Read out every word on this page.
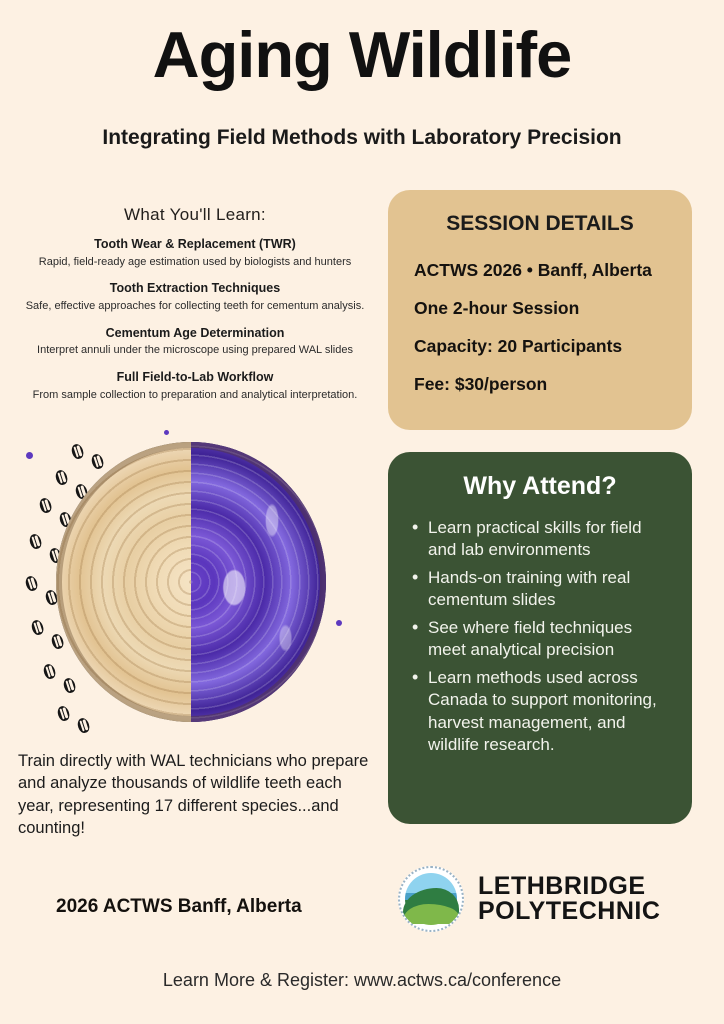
Aging Wildlife
Integrating Field Methods with Laboratory Precision
What You'll Learn:
Tooth Wear & Replacement (TWR)
Rapid, field-ready age estimation used by biologists and hunters
Tooth Extraction Techniques
Safe, effective approaches for collecting teeth for cementum analysis.
Cementum Age Determination
Interpret annuli under the microscope using prepared WAL slides
Full Field-to-Lab Workflow
From sample collection to preparation and analytical interpretation.
SESSION DETAILS
ACTWS 2026 • Banff, Alberta
One 2-hour Session
Capacity: 20 Participants
Fee: $30/person
Why Attend?
• Learn practical skills for field and lab environments
• Hands-on training with real cementum slides
• See where field techniques meet analytical precision
• Learn methods used across Canada to support monitoring, harvest management, and wildlife research.
Train directly with WAL technicians who prepare and analyze thousands of wildlife teeth each year, representing 17 different species...and counting!
2026 ACTWS Banff, Alberta
LETHBRIDGE
POLYTECHNIC
Learn More & Register: www.actws.ca/conference
